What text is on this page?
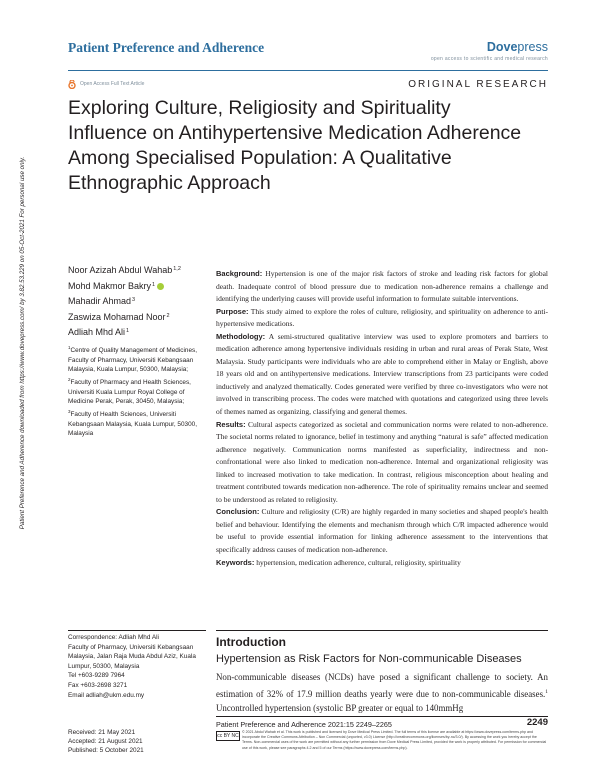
Patient Preference and Adherence	Dovepress
open access to scientific and medical research
ORIGINAL RESEARCH
Open Access Full Text Article
Exploring Culture, Religiosity and Spirituality Influence on Antihypertensive Medication Adherence Among Specialised Population: A Qualitative Ethnographic Approach
Patient Preference and Adherence downloaded from https://www.dovepress.com/ by 3.82.53.229 on 05-Oct-2021 For personal use only.	Noor Azizah Abdul Wahab$^{1,2}$
Mohd Makmor Bakry$^1$
Mahadir Ahmad$^3$
Zaswiza Mohamad Noor$^2$
Adliah Mhd Ali$^1$
$^1$Centre of Quality Management of Medicines, Faculty of Pharmacy, Universiti Kebangsaan Malaysia, Kuala Lumpur, 50300, Malaysia; $^2$Faculty of Pharmacy and Health Sciences, Universiti Kuala Lumpur Royal College of Medicine Perak, Perak, 30450, Malaysia; $^3$Faculty of Health Sciences, Universiti Kebangsaan Malaysia, Kuala Lumpur, 50300, Malaysia

Background: Hypertension is one of the major risk factors of stroke and leading risk factors for global death. Inadequate control of blood pressure due to medication non-adherence remains a challenge and identifying the underlying causes will provide useful information to formulate suitable interventions.

Purpose: This study aimed to explore the roles of culture, religiosity, and spirituality on adherence to anti-hypertensive medications.

Methodology: A semi-structured qualitative interview was used to explore promoters and barriers to medication adherence among hypertensive individuals residing in urban and rural areas of Perak State, West Malaysia. Study participants were individuals who are able to comprehend either in Malay or English, above 18 years old and on antihypertensive medications. Interview transcriptions from 23 participants were coded inductively and analyzed thematically. Codes generated were verified by three co-investigators who were not involved in transcribing process. The codes were matched with quotations and categorized using three levels of themes named as organizing, classifying and general themes.

Results: Cultural aspects categorized as societal and communication norms were related to non-adherence. The societal norms related to ignorance, belief in testimony and anything “natural is safe” affected medication adherence negatively. Communication norms manifested as superficiality, indirectness and non-confrontational were also linked to medication non-adherence. Internal and organizational religiosity was linked to increased motivation to take medication. In contrast, religious misconception about healing and treatment contributed towards medication non-adherence. The role of spirituality remains unclear and seemed to be understood as related to religiosity.

Conclusion: Culture and religiosity (C/R) are highly regarded in many societies and shaped people's health belief and behaviour. Identifying the elements and mechanism through which C/R impacted adherence would be useful to provide essential information for linking adherence assessment to the interventions that specifically address causes of medication non-adherence.

Keywords: hypertension, medication adherence, cultural, religiosity, spirituality

Correspondence: Adliah Mhd Ali
Faculty of Pharmacy, Universiti Kebangsaan Malaysia, Jalan Raja Muda Abdul Aziz, Kuala Lumpur, 50300, Malaysia
Tel +603-9289 7964
Fax +603-2698 3271
Email adliah@ukm.edu.my
Introduction
Hypertension as Risk Factors for Non-communicable Diseases
Non-communicable diseases (NCDs) have posed a significant challenge to society. An estimation of 32% of 17.9 million deaths yearly were due to non-communicable diseases.$^1$ Uncontrolled hypertension (systolic BP greater or equal to 140mmHg
Received: 21 May 2021
Accepted: 21 August 2021
Published: 5 October 2021
Patient Preference and Adherence 2021:15 2249–2265	2249
cc BY NC
© 2021 Abdul Wahab et al. This work is published and licensed by Dove Medical Press Limited. The full terms of this license are available at https://www.dovepress.com/terms.php and incorporate the Creative Commons Attribution – Non Commercial (unported, v3.0) License (http://creativecommons.org/licenses/by-nc/3.0/). By accessing the work you hereby accept the Terms. Non-commercial uses of the work are permitted without any further permission from Dove Medical Press Limited, provided the work is properly attributed. For permission for commercial use of this work, please see paragraphs 4.2 and 5 of our Terms (https://www.dovepress.com/terms.php).
